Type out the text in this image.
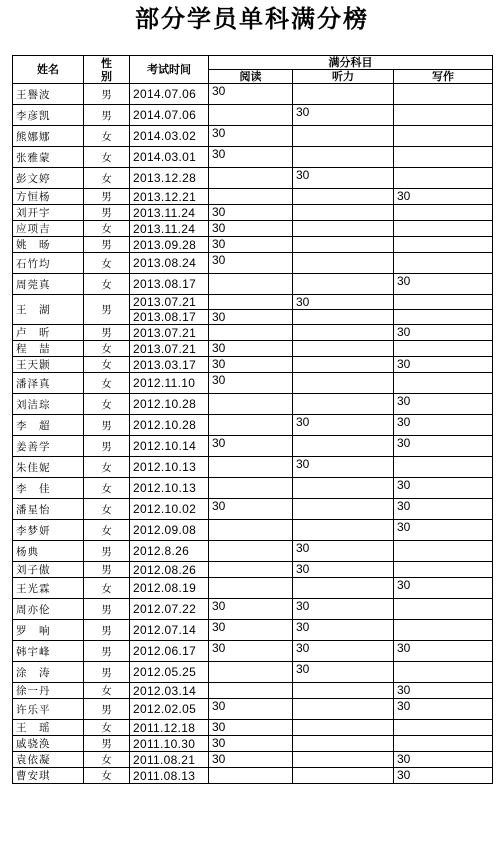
部分学员单科满分榜
姓名	性别	考试时间	满分科目		
			阅读	听力	写作
王譽波	男	2014.07.06	30		
李彦凯	男	2014.07.06		30	
熊娜娜	女	2014.03.02	30		
张雅蒙	女	2014.03.01	30		
彭文婷	女	2013.12.28		30	
方恒杨	男	2013.12.21			30
刘开宇	男	2013.11.24	30		
应项吉	女	2013.11.24	30		
姚　旸	男	2013.09.28	30		
石竹均	女	2013.08.24	30		
周莞真	女	2013.08.17			30
王　湖	男	2013.07.21		30	
		2013.08.17	30		
卢　昕	男	2013.07.21			30
程　喆	女	2013.07.21	30		
王天颢	女	2013.03.17	30		30
潘泽真	女	2012.11.10	30		
刘洁琮	女	2012.10.28			30
李　超	男	2012.10.28		30	30
姜善学	男	2012.10.14	30		30
朱佳妮	女	2012.10.13		30	
李　佳	女	2012.10.13			30
潘星怡	女	2012.10.02	30		30
李梦妍	女	2012.09.08			30
杨典	男	2012.8.26		30	
刘子傲	男	2012.08.26		30	
王光霖	女	2012.08.19			30
周亦伦	男	2012.07.22	30	30	
罗　响	男	2012.07.14	30	30	
韩宇峰	男	2012.06.17	30	30	30
涂　涛	男	2012.05.25		30	
徐一丹	女	2012.03.14			30
许乐平	男	2012.02.05	30		30
王　瑶	女	2011.12.18	30		
戚骁涣	男	2011.10.30	30		
袁依凝	女	2011.08.21	30		30
曹安琪	女	2011.08.13			30
